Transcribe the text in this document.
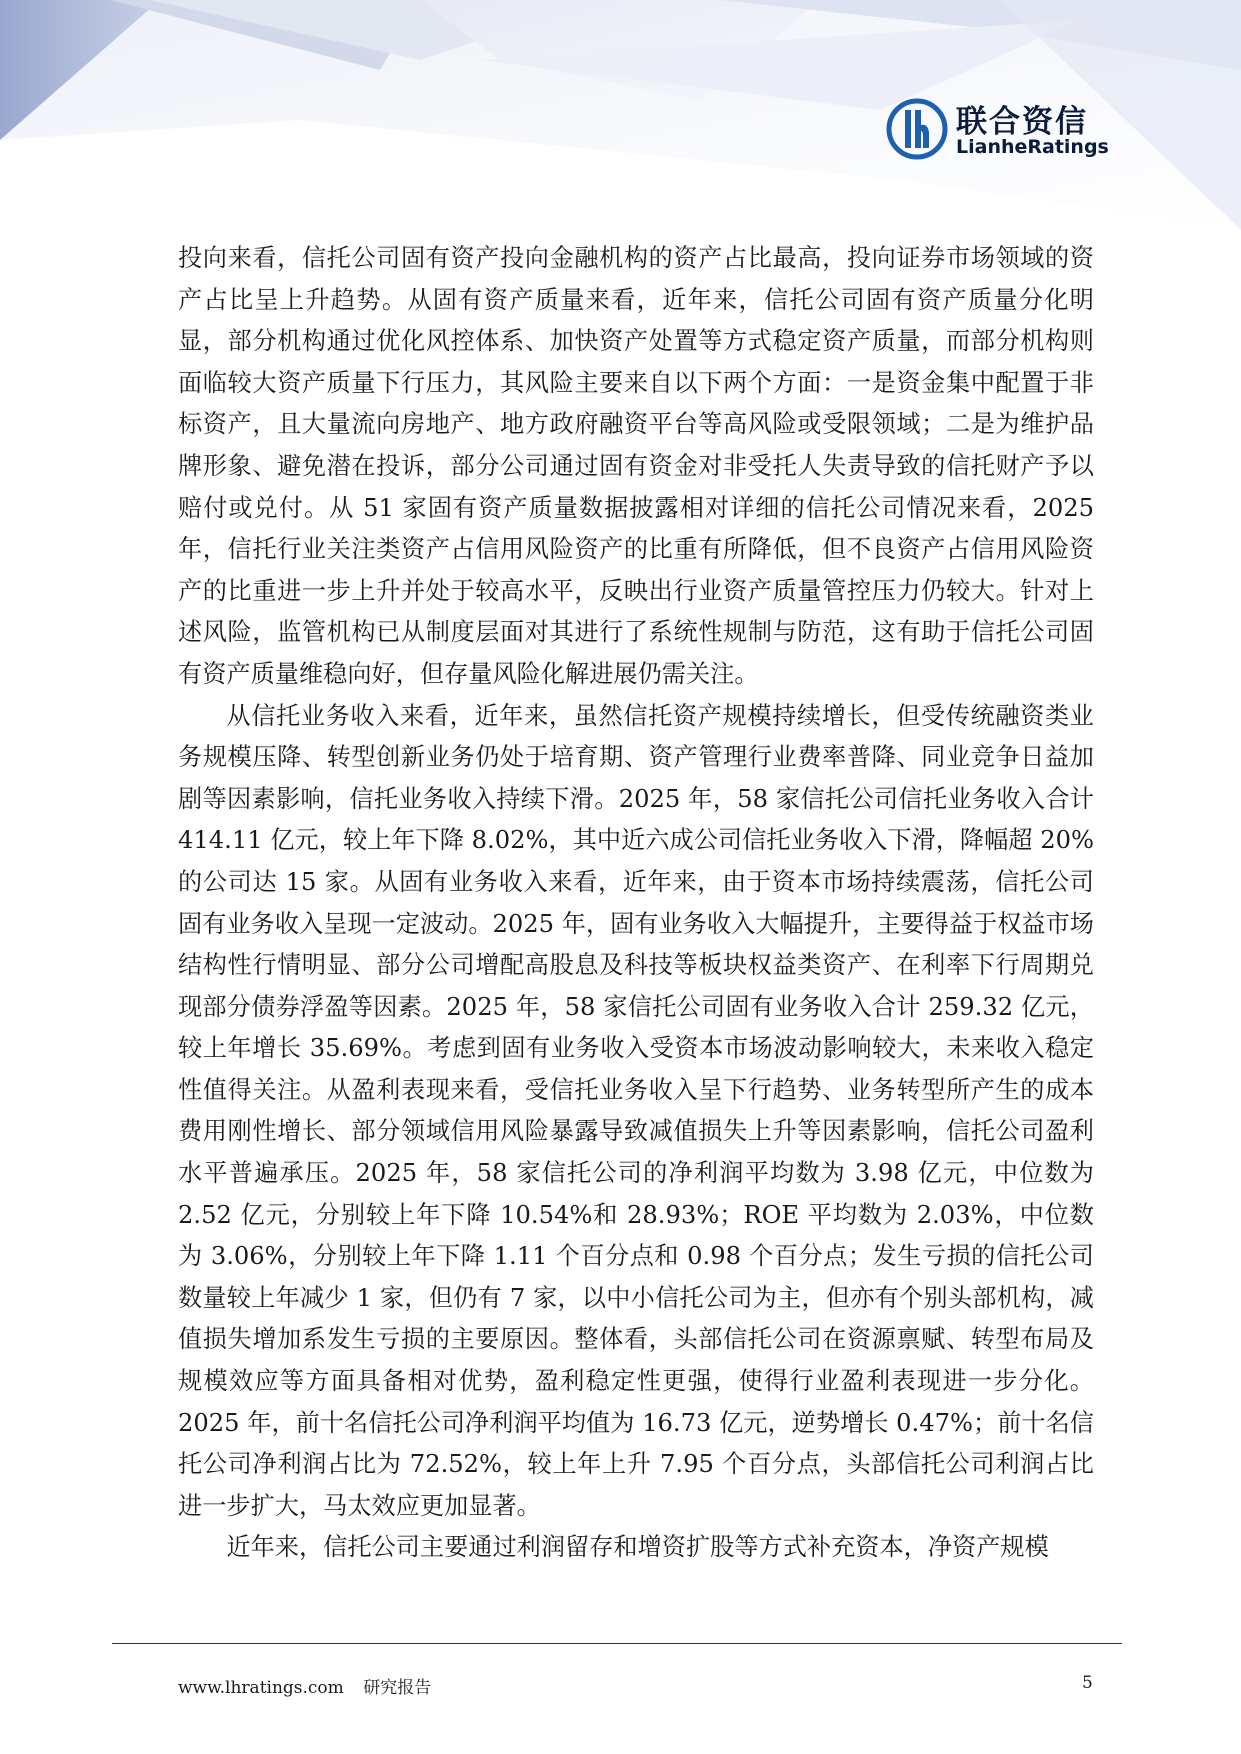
联合资信
LianheRatings

投向来看，信托公司固有资产投向金融机构的资产占比最高，投向证券市场领域的资产占比呈上升趋势。从固有资产质量来看，近年来，信托公司固有资产质量分化明显，部分机构通过优化风控体系、加快资产处置等方式稳定资产质量，而部分机构则面临较大资产质量下行压力，其风险主要来自以下两个方面：一是资金集中配置于非标资产，且大量流向房地产、地方政府融资平台等高风险或受限领域；二是为维护品牌形象、避免潜在投诉，部分公司通过固有资金对非受托人失责导致的信托财产予以赔付或兑付。从 51 家固有资产质量数据披露相对详细的信托公司情况来看，2025 年，信托行业关注类资产占信用风险资产的比重有所降低，但不良资产占信用风险资产的比重进一步上升并处于较高水平，反映出行业资产质量管控压力仍较大。针对上述风险，监管机构已从制度层面对其进行了系统性规制与防范，这有助于信托公司固有资产质量维稳向好，但存量风险化解进展仍需关注。

从信托业务收入来看，近年来，虽然信托资产规模持续增长，但受传统融资类业务规模压降、转型创新业务仍处于培育期、资产管理行业费率普降、同业竞争日益加剧等因素影响，信托业务收入持续下滑。2025 年，58 家信托公司信托业务收入合计 414.11 亿元，较上年下降 8.02%，其中近六成公司信托业务收入下滑，降幅超 20%的公司达 15 家。从固有业务收入来看，近年来，由于资本市场持续震荡，信托公司固有业务收入呈现一定波动。2025 年，固有业务收入大幅提升，主要得益于权益市场结构性行情明显、部分公司增配高股息及科技等板块权益类资产、在利率下行周期兑现部分债券浮盈等因素。2025 年，58 家信托公司固有业务收入合计 259.32 亿元，较上年增长 35.69%。考虑到固有业务收入受资本市场波动影响较大，未来收入稳定性值得关注。从盈利表现来看，受信托业务收入呈下行趋势、业务转型所产生的成本费用刚性增长、部分领域信用风险暴露导致减值损失上升等因素影响，信托公司盈利水平普遍承压。2025 年，58 家信托公司的净利润平均数为 3.98 亿元，中位数为 2.52 亿元，分别较上年下降 10.54%和 28.93%；ROE 平均数为 2.03%，中位数为 3.06%，分别较上年下降 1.11 个百分点和 0.98 个百分点；发生亏损的信托公司数量较上年减少 1 家，但仍有 7 家，以中小信托公司为主，但亦有个别头部机构，减值损失增加系发生亏损的主要原因。整体看，头部信托公司在资源禀赋、转型布局及规模效应等方面具备相对优势，盈利稳定性更强，使得行业盈利表现进一步分化。2025 年，前十名信托公司净利润平均值为 16.73 亿元，逆势增长 0.47%；前十名信托公司净利润占比为 72.52%，较上年上升 7.95 个百分点，头部信托公司利润占比进一步扩大，马太效应更加显著。

近年来，信托公司主要通过利润留存和增资扩股等方式补充资本，净资产规模

www.lhratings.com 研究报告	5
